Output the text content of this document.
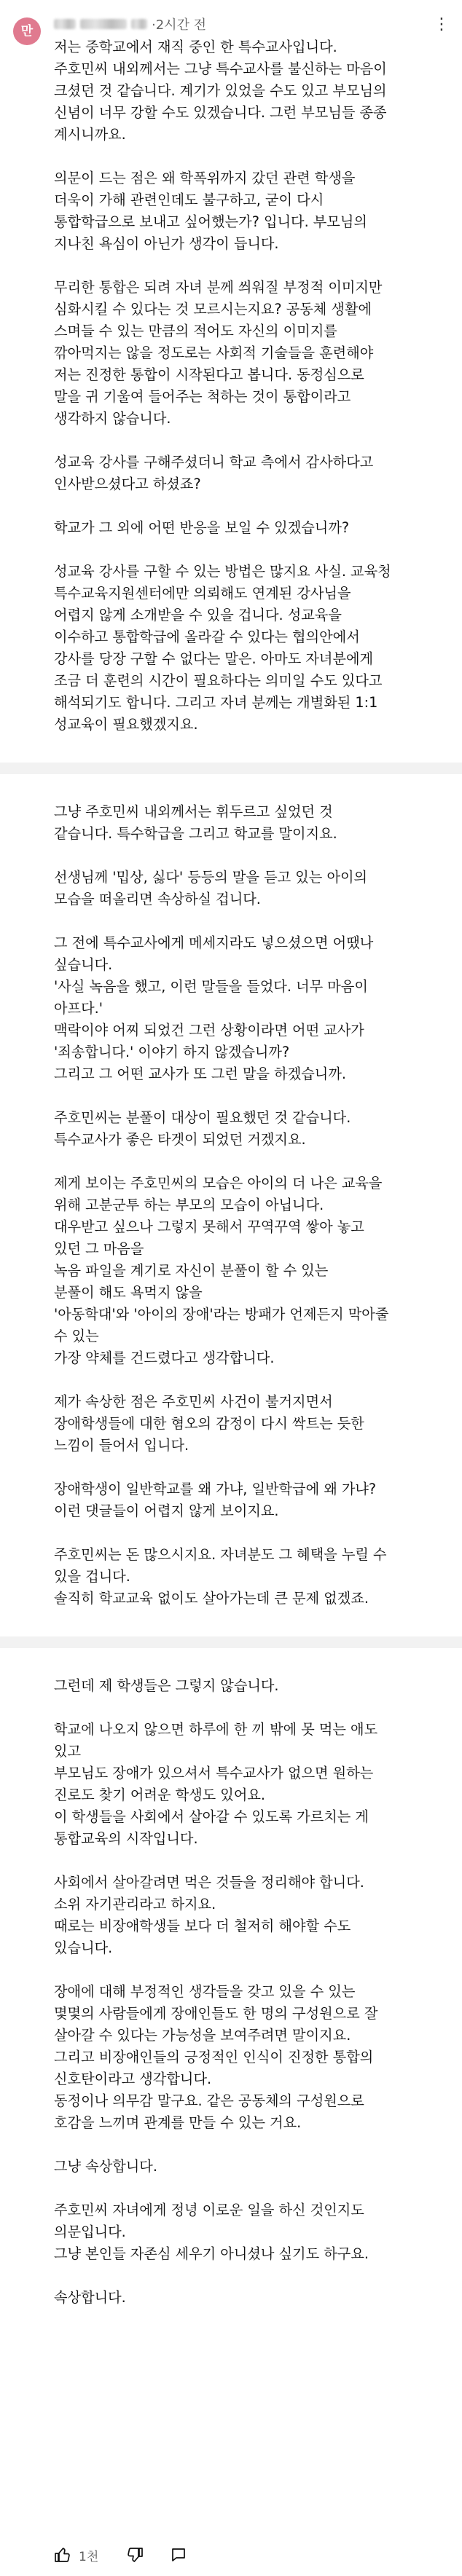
만	·2시간 전	⋮
저는 중학교에서 재직 중인 한 특수교사입니다.
주호민씨 내외께서는 그냥 특수교사를 불신하는 마음이
크셨던 것 같습니다. 계기가 있었을 수도 있고 부모님의
신념이 너무 강할 수도 있겠습니다. 그런 부모님들 종종
계시니까요.
의문이 드는 점은 왜 학폭위까지 갔던 관련 학생을
더욱이 가해 관련인데도 불구하고, 굳이 다시
통합학급으로 보내고 싶어했는가? 입니다. 부모님의
지나친 욕심이 아닌가 생각이 듭니다.
무리한 통합은 되려 자녀 분께 씌워질 부정적 이미지만
심화시킬 수 있다는 것 모르시는지요? 공동체 생활에
스며들 수 있는 만큼의 적어도 자신의 이미지를
깎아먹지는 않을 정도로는 사회적 기술들을 훈련해야
저는 진정한 통합이 시작된다고 봅니다. 동정심으로
말을 귀 기울여 들어주는 척하는 것이 통합이라고
생각하지 않습니다.
성교육 강사를 구해주셨더니 학교 측에서 감사하다고
인사받으셨다고 하셨죠?
학교가 그 외에 어떤 반응을 보일 수 있겠습니까?
성교육 강사를 구할 수 있는 방법은 많지요 사실. 교육청
특수교육지원센터에만 의뢰해도 연계된 강사님을
어렵지 않게 소개받을 수 있을 겁니다. 성교육을
이수하고 통합학급에 올라갈 수 있다는 협의안에서
강사를 당장 구할 수 없다는 말은. 아마도 자녀분에게
조금 더 훈련의 시간이 필요하다는 의미일 수도 있다고
해석되기도 합니다. 그리고 자녀 분께는 개별화된 1:1
성교육이 필요했겠지요.
그냥 주호민씨 내외께서는 휘두르고 싶었던 것
같습니다. 특수학급을 그리고 학교를 말이지요.
선생님께 '밉상, 싫다' 등등의 말을 듣고 있는 아이의
모습을 떠올리면 속상하실 겁니다.
그 전에 특수교사에게 메세지라도 넣으셨으면 어땠나
싶습니다.
'사실 녹음을 했고, 이런 말들을 들었다. 너무 마음이
아프다.'
맥락이야 어찌 되었건 그런 상황이라면 어떤 교사가
'죄송합니다.' 이야기 하지 않겠습니까?
그리고 그 어떤 교사가 또 그런 말을 하겠습니까.
주호민씨는 분풀이 대상이 필요했던 것 같습니다.
특수교사가 좋은 타겟이 되었던 거겠지요.
제게 보이는 주호민씨의 모습은 아이의 더 나은 교육을
위해 고분군투 하는 부모의 모습이 아닙니다.
대우받고 싶으나 그렇지 못해서 꾸역꾸역 쌓아 놓고
있던 그 마음을
녹음 파일을 계기로 자신이 분풀이 할 수 있는
분풀이 해도 욕먹지 않을
'아동학대'와 '아이의 장애'라는 방패가 언제든지 막아줄
수 있는
가장 약체를 건드렸다고 생각합니다.
제가 속상한 점은 주호민씨 사건이 불거지면서
장애학생들에 대한 혐오의 감정이 다시 싹트는 듯한
느낌이 들어서 입니다.
장애학생이 일반학교를 왜 가냐, 일반학급에 왜 가냐?
이런 댓글들이 어렵지 않게 보이지요.
주호민씨는 돈 많으시지요. 자녀분도 그 혜택을 누릴 수
있을 겁니다.
솔직히 학교교육 없이도 살아가는데 큰 문제 없겠죠.
그런데 제 학생들은 그렇지 않습니다.
학교에 나오지 않으면 하루에 한 끼 밖에 못 먹는 애도
있고
부모님도 장애가 있으셔서 특수교사가 없으면 원하는
진로도 찾기 어려운 학생도 있어요.
이 학생들을 사회에서 살아갈 수 있도록 가르치는 게
통합교육의 시작입니다.
사회에서 살아갈려면 먹은 것들을 정리해야 합니다.
소위 자기관리라고 하지요.
때로는 비장애학생들 보다 더 철저히 해야할 수도
있습니다.
장애에 대해 부정적인 생각들을 갖고 있을 수 있는
몇몇의 사람들에게 장애인들도 한 명의 구성원으로 잘
살아갈 수 있다는 가능성을 보여주려면 말이지요.
그리고 비장애인들의 긍정적인 인식이 진정한 통합의
신호탄이라고 생각합니다.
동정이나 의무감 말구요. 같은 공동체의 구성원으로
호감을 느끼며 관계를 만들 수 있는 거요.
그냥 속상합니다.
주호민씨 자녀에게 정녕 이로운 일을 하신 것인지도
의문입니다.
그냥 본인들 자존심 세우기 아니셨나 싶기도 하구요.
속상합니다.
1천
